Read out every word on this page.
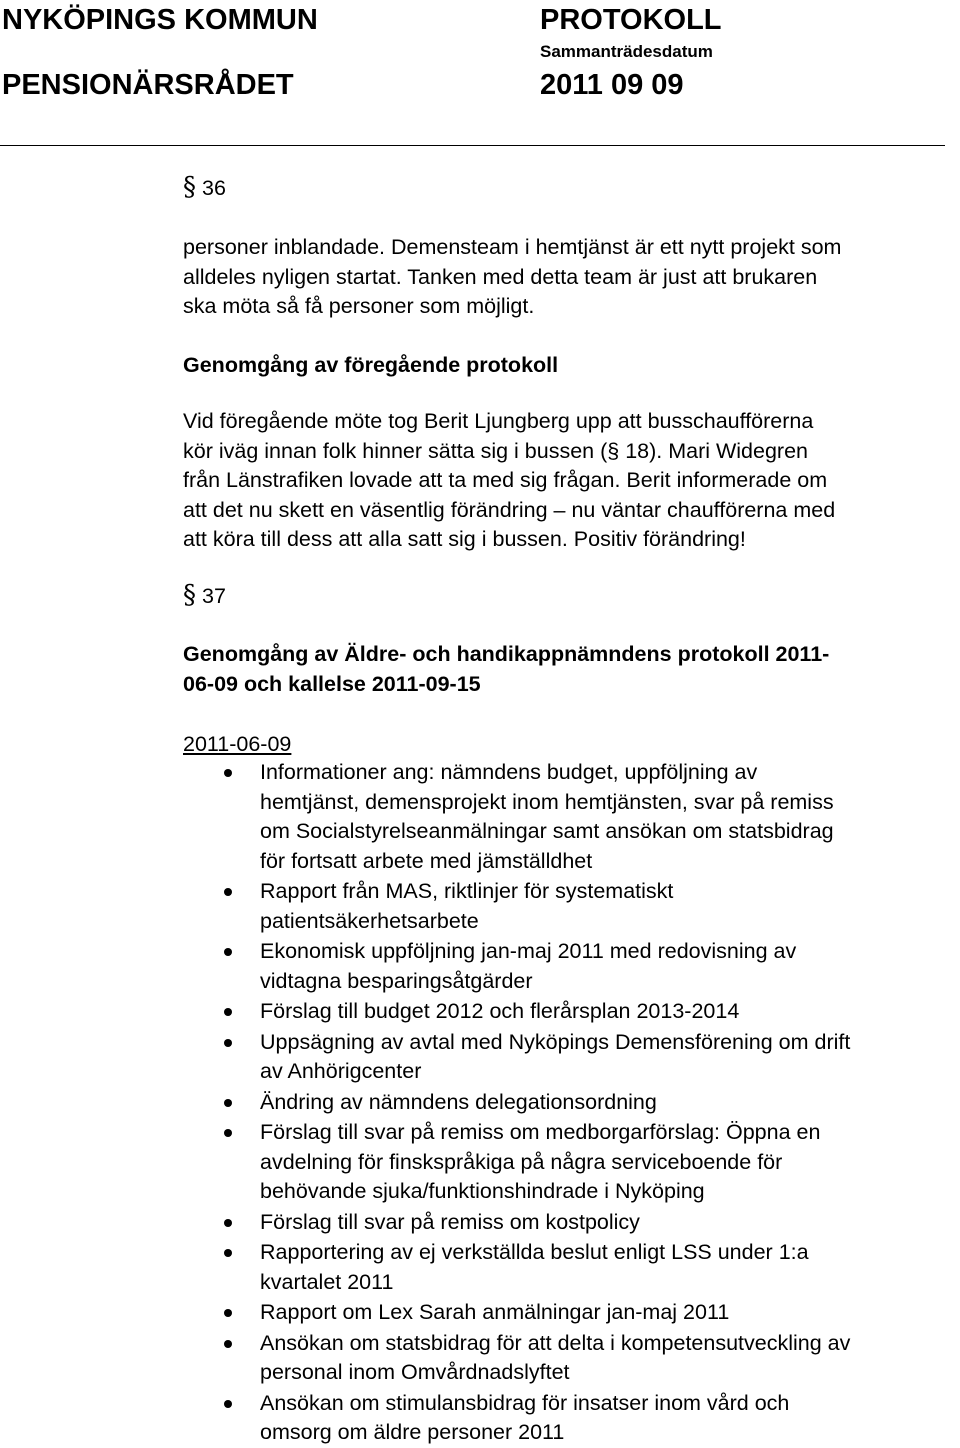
NYKÖPINGS KOMMUN	PROTOKOLL
Sammanträdesdatum
PENSIONÄRSRÅDET	2011 09 09
§ 36
personer inblandade. Demensteam i hemtjänst är ett nytt projekt som
alldeles nyligen startat. Tanken med detta team är just att brukaren
ska möta så få personer som möjligt.
Genomgång av föregående protokoll
Vid föregående möte tog Berit Ljungberg upp att busschaufförerna
kör iväg innan folk hinner sätta sig i bussen (§ 18). Mari Widegren
från Länstrafiken lovade att ta med sig frågan. Berit informerade om
att det nu skett en väsentlig förändring – nu väntar chaufförerna med
att köra till dess att alla satt sig i bussen. Positiv förändring!
§ 37
Genomgång av Äldre- och handikappnämndens protokoll 2011-
06-09 och kallelse 2011-09-15
2011-06-09
Informationer ang: nämndens budget, uppföljning av
hemtjänst, demensprojekt inom hemtjänsten, svar på remiss
om Socialstyrelseanmälningar samt ansökan om statsbidrag
för fortsatt arbete med jämställdhet
Rapport från MAS, riktlinjer för systematiskt
patientsäkerhetsarbete
Ekonomisk uppföljning jan-maj 2011 med redovisning av
vidtagna besparingsåtgärder
Förslag till budget 2012 och flerårsplan 2013-2014
Uppsägning av avtal med Nyköpings Demensförening om drift
av Anhörigcenter
Ändring av nämndens delegationsordning
Förslag till svar på remiss om medborgarförslag: Öppna en
avdelning för finskspråkiga på några serviceboende för
behövande sjuka/funktionshindrade i Nyköping
Förslag till svar på remiss om kostpolicy
Rapportering av ej verkställda beslut enligt LSS under 1:a
kvartalet 2011
Rapport om Lex Sarah anmälningar jan-maj 2011
Ansökan om statsbidrag för att delta i kompetensutveckling av
personal inom Omvårdnadslyftet
Ansökan om stimulansbidrag för insatser inom vård och
omsorg om äldre personer 2011
